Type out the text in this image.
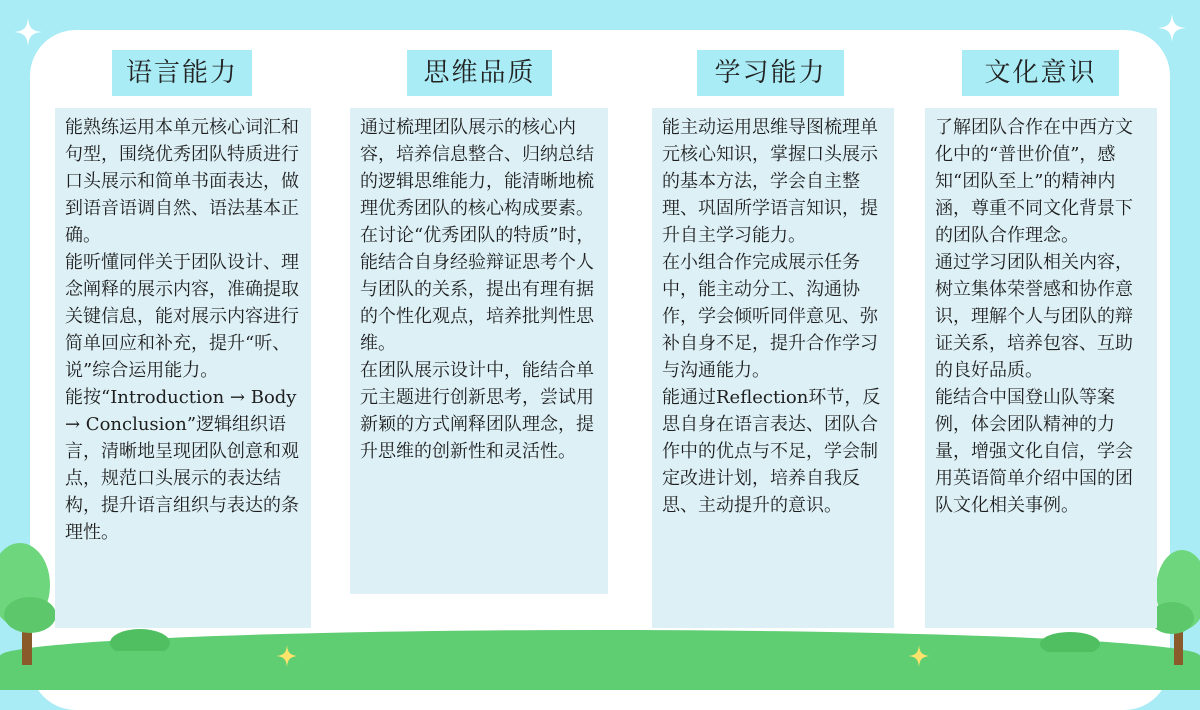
语言能力

能熟练运用本单元核心词汇和句型，围绕优秀团队特质进行口头展示和简单书面表达，做到语音语调自然、语法基本正确。

能听懂同伴关于团队设计、理念阐释的展示内容，准确提取关键信息，能对展示内容进行简单回应和补充，提升“听、说”综合运用能力。

能按“Introduction → Body → Conclusion”逻辑组织语言，清晰地呈现团队创意和观点，规范口头展示的表达结构，提升语言组织与表达的条理性。

思维品质

通过梳理团队展示的核心内容，培养信息整合、归纳总结的逻辑思维能力，能清晰地梳理优秀团队的核心构成要素。

在讨论“优秀团队的特质”时，能结合自身经验辩证思考个人与团队的关系，提出有理有据的个性化观点，培养批判性思维。

在团队展示设计中，能结合单元主题进行创新思考，尝试用新颖的方式阐释团队理念，提升思维的创新性和灵活性。

学习能力

能主动运用思维导图梳理单元核心知识，掌握口头展示的基本方法，学会自主整理、巩固所学语言知识，提升自主学习能力。

在小组合作完成展示任务中，能主动分工、沟通协作，学会倾听同伴意见、弥补自身不足，提升合作学习与沟通能力。

能通过Reflection环节，反思自身在语言表达、团队合作中的优点与不足，学会制定改进计划，培养自我反思、主动提升的意识。

文化意识

了解团队合作在中西方文化中的“普世价值”，感知“团队至上”的精神内涵，尊重不同文化背景下的团队合作理念。

通过学习团队相关内容，树立集体荣誉感和协作意识，理解个人与团队的辩证关系，培养包容、互助的良好品质。

能结合中国登山队等案例，体会团队精神的力量，增强文化自信，学会用英语简单介绍中国的团队文化相关事例。
